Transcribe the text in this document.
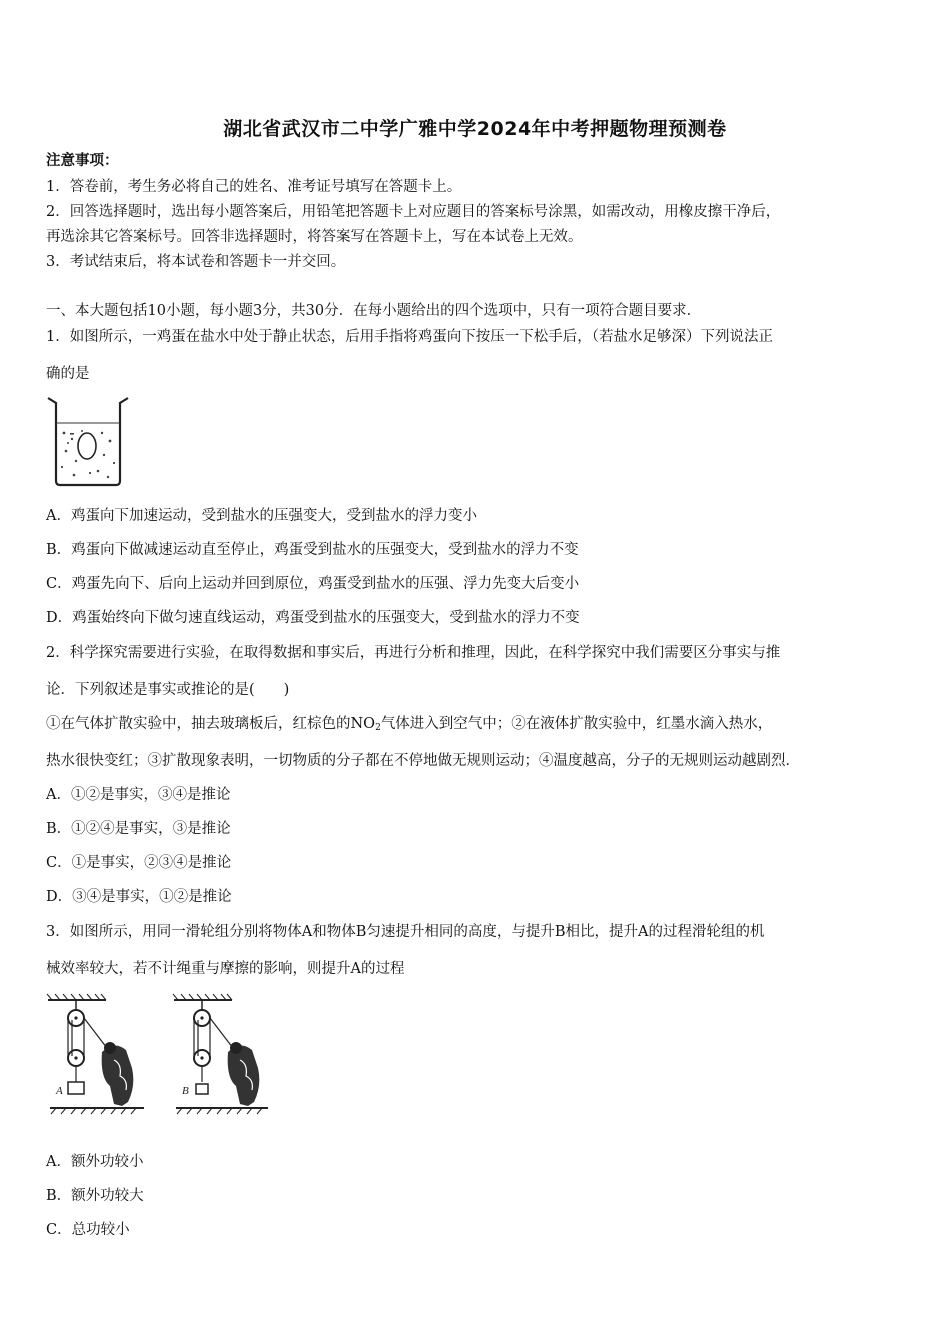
湖北省武汉市二中学广雅中学2024年中考押题物理预测卷
注意事项：
1．答卷前，考生务必将自己的姓名、准考证号填写在答题卡上。
2．回答选择题时，选出每小题答案后，用铅笔把答题卡上对应题目的答案标号涂黑，如需改动，用橡皮擦干净后，
再选涂其它答案标号。回答非选择题时，将答案写在答题卡上，写在本试卷上无效。
3．考试结束后，将本试卷和答题卡一并交回。
一、本大题包括10小题，每小题3分，共30分．在每小题给出的四个选项中，只有一项符合题目要求．
1．如图所示，一鸡蛋在盐水中处于静止状态，后用手指将鸡蛋向下按压一下松手后，（若盐水足够深）下列说法正
确的是
A．鸡蛋向下加速运动，受到盐水的压强变大，受到盐水的浮力变小
B．鸡蛋向下做减速运动直至停止，鸡蛋受到盐水的压强变大，受到盐水的浮力不变
C．鸡蛋先向下、后向上运动并回到原位，鸡蛋受到盐水的压强、浮力先变大后变小
D．鸡蛋始终向下做匀速直线运动，鸡蛋受到盐水的压强变大，受到盐水的浮力不变
2．科学探究需要进行实验，在取得数据和事实后，再进行分析和推理，因此，在科学探究中我们需要区分事实与推
论．下列叙述是事实或推论的是(　　)
①在气体扩散实验中，抽去玻璃板后，红棕色的$NO_2$气体进入到空气中；②在液体扩散实验中，红墨水滴入热水，
热水很快变红；③扩散现象表明，一切物质的分子都在不停地做无规则运动；④温度越高，分子的无规则运动越剧烈．
A．①②是事实，③④是推论
B．①②④是事实，③是推论
C．①是事实，②③④是推论
D．③④是事实，①②是推论
3．如图所示，用同一滑轮组分别将物体A和物体B匀速提升相同的高度，与提升B相比，提升A的过程滑轮组的机
械效率较大，若不计绳重与摩擦的影响，则提升A的过程
A	B
A．额外功较小
B．额外功较大
C．总功较小
